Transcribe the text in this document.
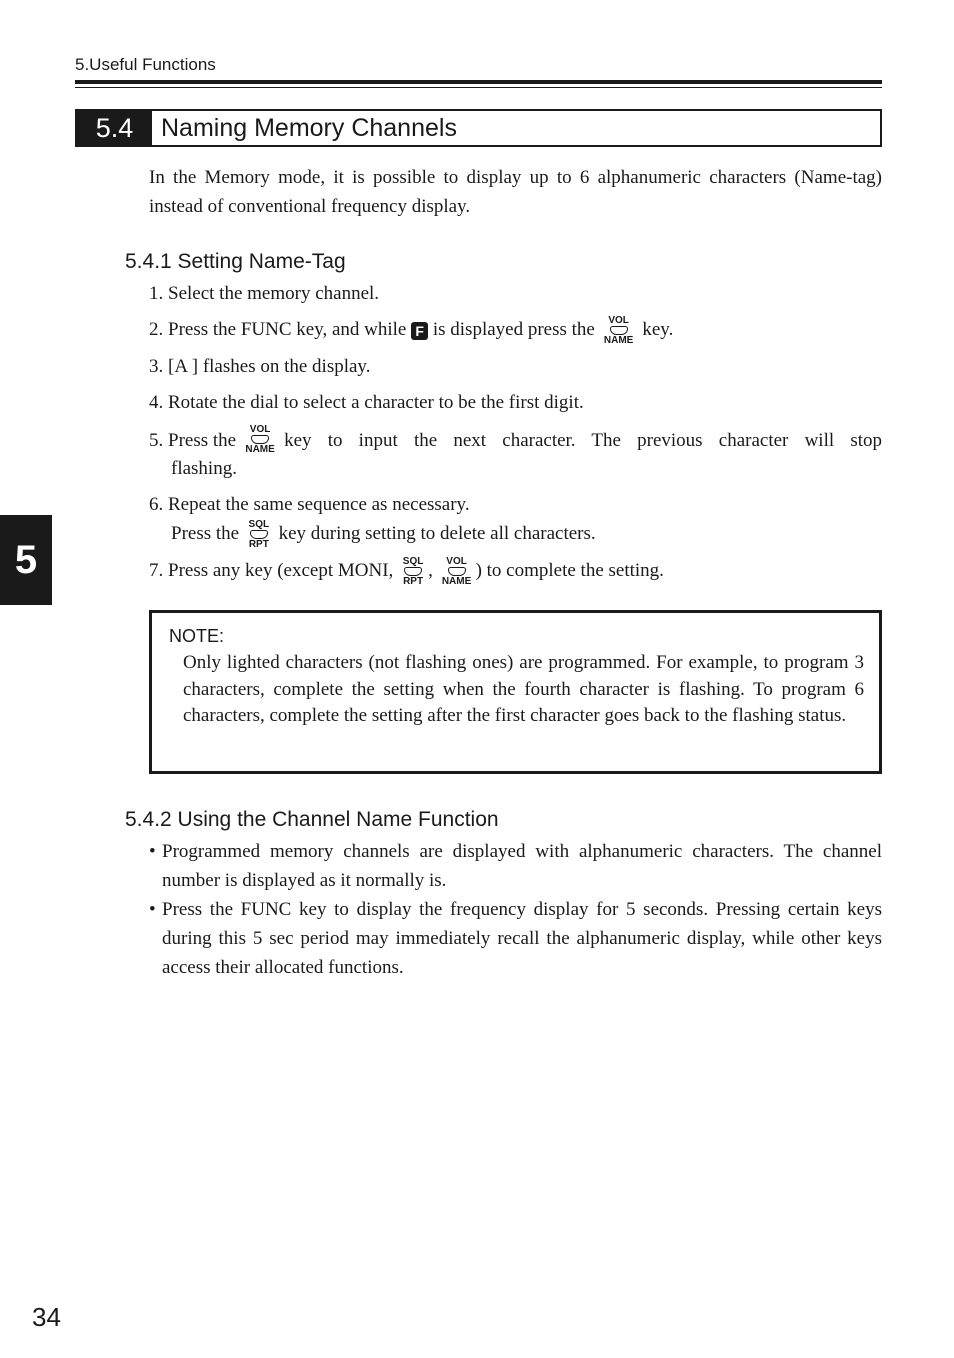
5.Useful Functions
5.4	Naming Memory Channels
In the Memory mode, it is possible to display up to 6 alphanumeric characters (Name-tag) instead of conventional frequency display.
5.4.1 Setting Name-Tag
1. Select the memory channel.
2. Press the FUNC key, and while F is displayed press the	VOL
NAME
key.
3. [A ] flashes on the display.
4. Rotate the dial to select a character to be the first digit.
5. Press the	VOL
NAME key to input the next character. The previous character will stop
flashing.
6. Repeat the same sequence as necessary.
Press the SQL
RPT
key during setting to delete all characters.
7. Press any key (except MONI, SQL
RPT
,	VOL
NAME
) to complete the setting.
NOTE:
Only lighted characters (not flashing ones) are programmed. For example, to program 3 characters, complete the setting when the fourth character is flashing. To program 6 characters, complete the setting after the first character goes back to the flashing status.
5.4.2 Using the Channel Name Function
• Programmed memory channels are displayed with alphanumeric characters. The channel number is displayed as it normally is.
• Press the FUNC key to display the frequency display for 5 seconds. Pressing certain keys during this 5 sec period may immediately recall the alphanumeric display, while other keys access their allocated functions.
5
34
